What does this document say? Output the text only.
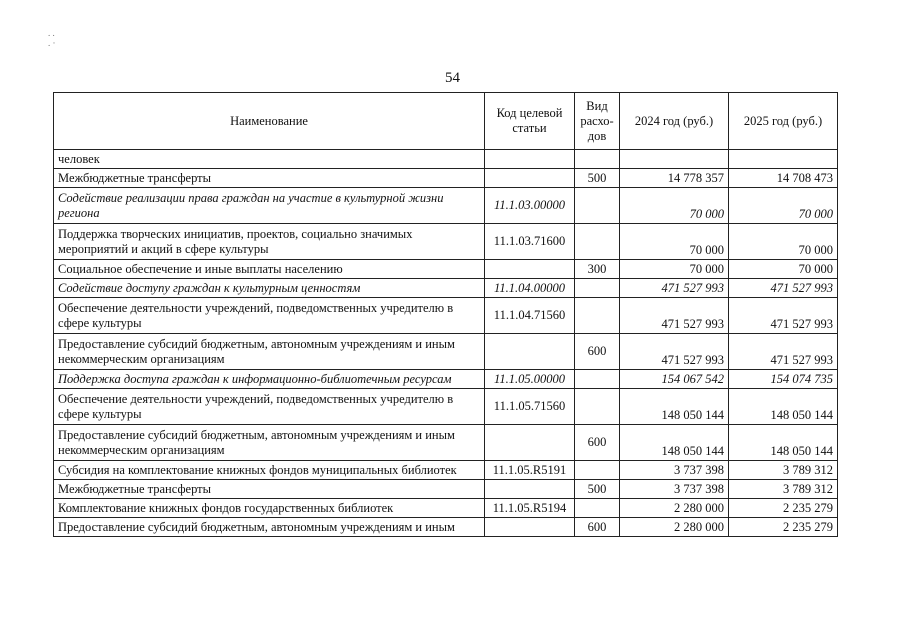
. .
. ·
54
Наименование	Код целевой статьи	Вид расхо-дов	2024 год (руб.)	2025 год (руб.)
человек				
Межбюджетные трансферты		500	14 778 357	14 708 473
Содействие реализации права граждан на участие в культурной жизни региона	11.1.03.00000		70 000	70 000
Поддержка творческих инициатив, проектов, социально значимых мероприятий и акций в сфере культуры	11.1.03.71600		70 000	70 000
Социальное обеспечение и иные выплаты населению		300	70 000	70 000
Содействие доступу граждан к культурным ценностям	11.1.04.00000		471 527 993	471 527 993
Обеспечение деятельности учреждений, подведомственных учредителю в сфере культуры	11.1.04.71560		471 527 993	471 527 993
Предоставление субсидий бюджетным, автономным учреждениям и иным некоммерческим организациям		600	471 527 993	471 527 993
Поддержка доступа граждан к информационно-библиотечным ресурсам	11.1.05.00000		154 067 542	154 074 735
Обеспечение деятельности учреждений, подведомственных учредителю в сфере культуры	11.1.05.71560		148 050 144	148 050 144
Предоставление субсидий бюджетным, автономным учреждениям и иным некоммерческим организациям		600	148 050 144	148 050 144
Субсидия на комплектование книжных фондов муниципальных библиотек	11.1.05.R5191		3 737 398	3 789 312
Межбюджетные трансферты		500	3 737 398	3 789 312
Комплектование книжных фондов государственных библиотек	11.1.05.R5194		2 280 000	2 235 279
Предоставление субсидий бюджетным, автономным учреждениям и иным		600	2 280 000	2 235 279
